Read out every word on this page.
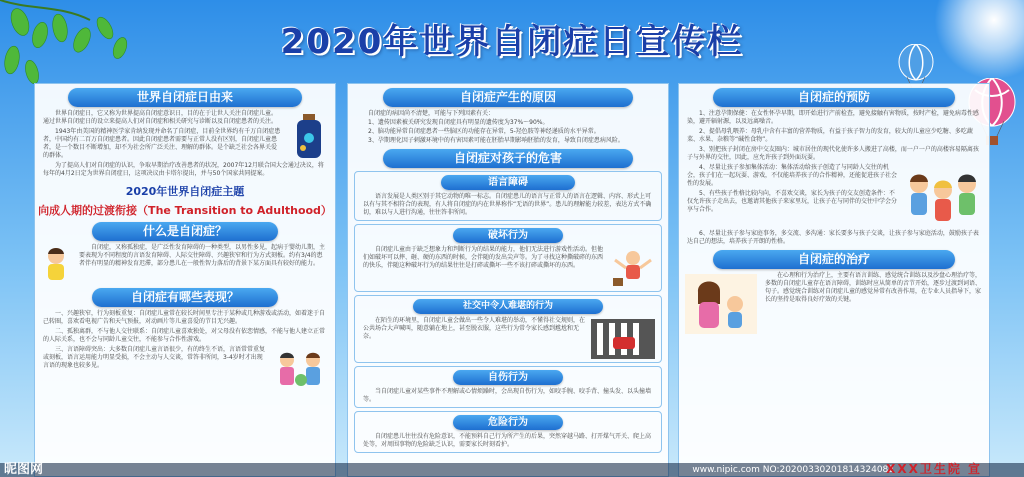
2020年世界自闭症日宣传栏
世界自闭症日由来

世界自闭症日，它又称为世界提高自闭症意识日，目的在于让世人关注自闭症儿童。通过世界自闭症日的设立来提高人们对自闭症和相关研究与诊断以及自闭症患者的关注。

1943年由美国的精神医学家肯纳发现并命名了自闭症，目前全世界约有千万自闭症患者，中国约有二百万自闭症患者。因此自闭症患者需要与正常人没有区别，自闭症儿童患者，是一个数目不断增加，却不为社会所广泛关注、理解的群体。是个缺乏社会各界关爱的群体。

为了提高人们对自闭症的认识，争取早期治疗改善患者的状况，2007年12月联合国大会通过决议，将每年的4月2日定为世界自闭症日，这项决议由卡塔尔提出，并与50个国家共同提案。

2020年世界自闭症主题
向成人期的过渡衔接（The Transition to Adulthood）
什么是自闭症？

自闭症，又称孤独症，是广泛性发育障碍的一种类型，以男性多见，起病于婴幼儿期，主要表现为不同程度的言语发育障碍、人际交往障碍、兴趣狭窄和行为方式刻板。约有3/4的患者伴有明显的精神发育迟滞，部分患儿在一般性智力落后的背景下某方面具有较好的能力。

自闭症有哪些表现？

一、兴趣狭窄，行为刻板重复：自闭症儿童常在较长时间里专注于某种或几种游戏或活动，如着迷于自己转圈，喜欢看电视广告和天气预报，对动画片等儿童喜爱的节目无兴趣。

二、孤独离群，不与他人交往联系：自闭症儿童喜欢独处，对父母没有依恋情感，不能与他人建立正常的人际关系，也不会与同龄儿童交往，不能参与合作性游戏。

三、言语障碍突出：大多数自闭症儿童言语很少，有的终生不语，言语常常重复或刻板，语言运用能力明显受损，不会主动与人交谈，常答非所问，3-4岁时才出现言语的现象也较多见。

自闭症产生的原因

自闭症的病因尚不清楚，可能与下列因素有关：

1、遗传因素被关研究发现自闭症具有明显的遗传度为37%～90%。

2、脑功能异常自闭症患者一些脑区的功能存在异常，5-羟色胺等神经递质的水平异常。

3、孕期理化因子刺激环境中的有害因素可能在胚胎早期影响胚胎的发育，导致自闭症患病风险。

自闭症对孩子的危害
语言障碍

语言发展是人类区别于其它动物的唯一标志。自闭症患儿的语言与正常人的语言在逻辑、内容、形式上可以有与其不相符合的表现，有人将自闭症的内在世界称作“无语的世界”。患儿的理解能力较差，表达方式不确切，难以与人进行沟通，往往答非所问。

破坏行为

自闭症儿童由于缺乏想象力和判断行为的结果的能力，他们无法进行游戏性活动。但他们如破坏可以摔、砸、硬的东西的时候，会伴随的发出尖声等。为了寻找这种撕破碎的东西的快乐，伴随这种破坏行为的结果往往是打碎或撕坏一些不该打碎或撕坏的东西。

社交中令人难堪的行为

在陌生的环境里，自闭症儿童会做出一些令人难堪的举动，不懂得社交规则，在公共场合大声喊叫，随意躺在地上，甚至脱衣服，这些行为常令家长感到尴尬和无奈。

自伤行为

当自闭症儿童对某些事件不理解或心情烦躁时，会出现自伤行为，如咬手腕、咬手背、撞头发、以头撞墙等。

危险行为

自闭症患儿往往没有危险意识，不能预料自己行为所产生的后果，突然穿越马路、打开煤气开关、爬上高处等，对周围事物的危险缺乏认识，需要家长时刻看护。

自闭症的预防

1、注意孕期保健：在女性怀孕早期，即开始进行产前检查，避免接触有害物质，按时产检，避免病毒性感染，避开辐射源，以及远离噪音。

2、提倡母乳喂养：母乳中含有丰富的营养物质，有益于孩子智力的发育，较大的儿童应少吃糖、多吃蔬菜、水果、杂粮等“碱性食物”。

3、别把孩子封闭在房中交友圈内：城市居住的现代化使许多人搬进了高楼，而一户一户的高楼容易隔离孩子与外界的交往，因此，应允许孩子到外面玩耍。

4、尽量让孩子参加集体活动：集体活动给孩子创造了与同龄人交往的机会，孩子们在一起玩耍、游戏，不仅能培养孩子的合作精神，还能促进孩子社会性的发展。

5、有些孩子性格比较内向，不喜欢交谈，家长为孩子的交友创造条件：不仅允许孩子走出去，也邀请其他孩子来家里玩，让孩子在与同伴的交往中学会分享与合作。

6、尽量让孩子参与家庭事务，多交流、多沟通：家长要多与孩子交谈，让孩子参与家庭活动，鼓励孩子表达自己的想法，培养孩子开朗的性格。

自闭症的治疗

在心理和行为治疗上，主要有语言训练、感觉统合训练以及沙盘心理治疗等，多数的自闭症儿童存在语言障碍，训练时应从简单的音节开始，逐步过渡到词语、句子。感觉统合训练对自闭症儿童的感觉异常有改善作用，在专业人员指导下，家长的坚持是取得良好疗效的关键。

昵图网	www.nipic.com NO:20200330201814324082
XXX卫生院 宣
